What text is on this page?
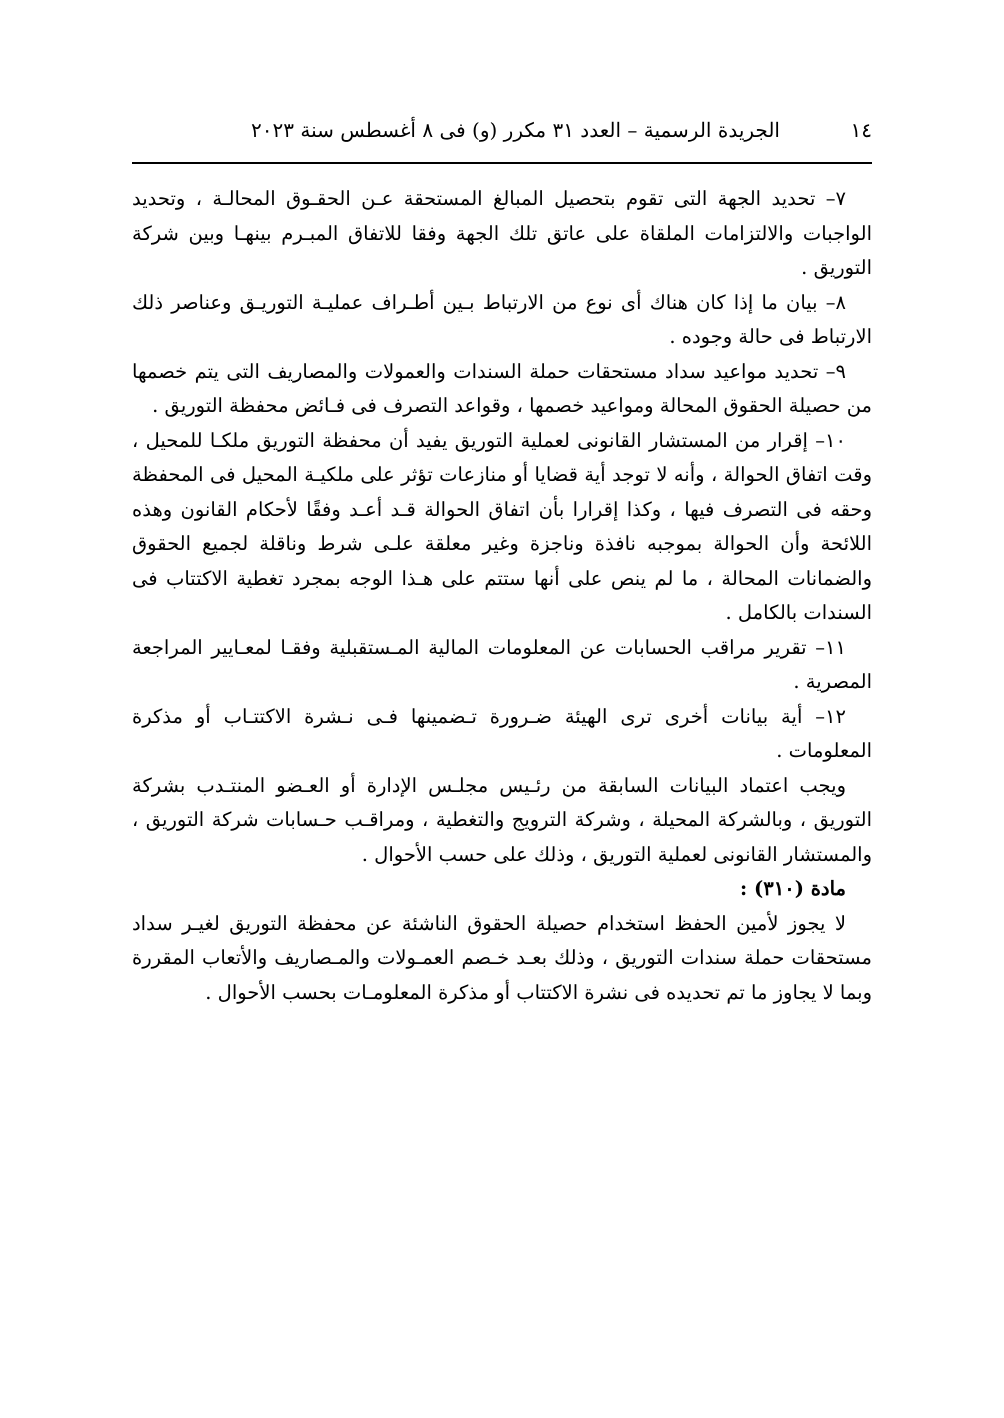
١٤
الجريدة الرسمية – العدد ٣١ مكرر (و) فى ٨ أغسطس سنة ٢٠٢٣

٧– تحديد الجهة التى تقوم بتحصيل المبالغ المستحقة عـن الحقـوق المحالـة ، وتحديد الواجبات والالتزامات الملقاة على عاتق تلك الجهة وفقا للاتفاق المبـرم بينهـا وبين شركة التوريق .

٨– بيان ما إذا كان هناك أى نوع من الارتباط بـين أطـراف عمليـة التوريـق وعناصر ذلك الارتباط فى حالة وجوده .

٩– تحديد مواعيد سداد مستحقات حملة السندات والعمولات والمصاريف التى يتم خصمها من حصيلة الحقوق المحالة ومواعيد خصمها ، وقواعد التصرف فى فـائض محفظة التوريق .

١٠– إقرار من المستشار القانونى لعملية التوريق يفيد أن محفظة التوريق ملكـا للمحيل ، وقت اتفاق الحوالة ، وأنه لا توجد أية قضايا أو منازعات تؤثر على ملكيـة المحيل فى المحفظة وحقه فى التصرف فيها ، وكذا إقرارا بأن اتفاق الحوالة قـد أعـد وفقًا لأحكام القانون وهذه اللائحة وأن الحوالة بموجبه نافذة وناجزة وغير معلقة علـى شرط وناقلة لجميع الحقوق والضمانات المحالة ، ما لم ينص على أنها ستتم على هـذا الوجه بمجرد تغطية الاكتتاب فى السندات بالكامل .

١١– تقرير مراقب الحسابات عن المعلومات المالية المـستقبلية وفقـا لمعـايير المراجعة المصرية .

١٢– أية بيانات أخرى ترى الهيئة ضـرورة تـضمينها فـى نـشرة الاكتتـاب أو مذكرة المعلومات .

ويجب اعتماد البيانات السابقة من رئـيس مجلـس الإدارة أو العـضو المنتـدب بشركة التوريق ، وبالشركة المحيلة ، وشركة الترويج والتغطية ، ومراقـب حـسابات شركة التوريق ، والمستشار القانونى لعملية التوريق ، وذلك على حسب الأحوال .

مادة (٣١٠) :

لا يجوز لأمين الحفظ استخدام حصيلة الحقوق الناشئة عن محفظة التوريق لغيـر سداد مستحقات حملة سندات التوريق ، وذلك بعـد خـصم العمـولات والمـصاريف والأتعاب المقررة وبما لا يجاوز ما تم تحديده فى نشرة الاكتتاب أو مذكرة المعلومـات بحسب الأحوال .
